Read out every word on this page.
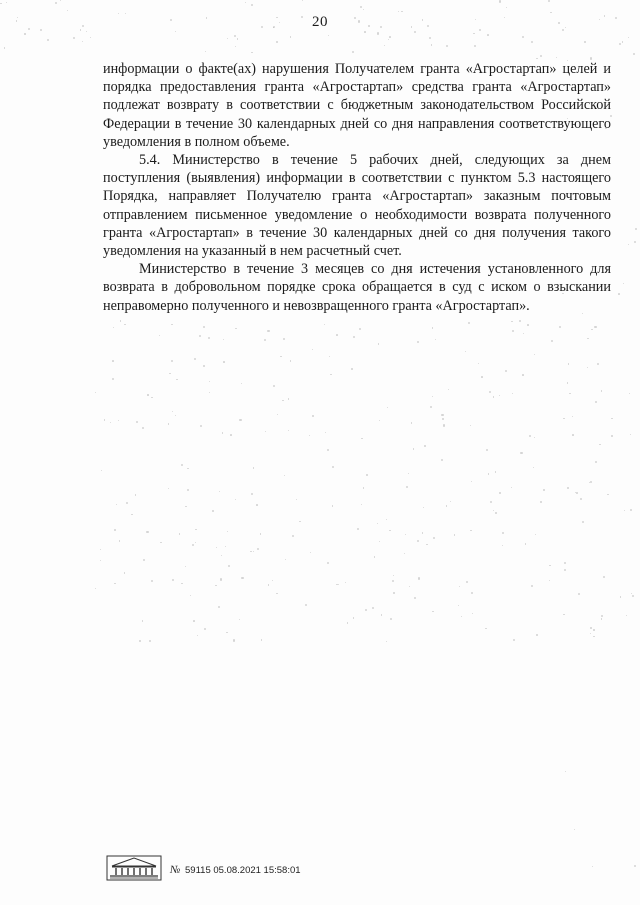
20

информации о факте(ах) нарушения Получателем гранта «Агростартап» целей и порядка предоставления гранта «Агростартап» средства гранта «Агростартап» подлежат возврату в соответствии с бюджетным законодательством Российской Федерации в течение 30 календарных дней со дня направления соответствующего уведомления в полном объеме.

5.4. Министерство в течение 5 рабочих дней, следующих за днем поступления (выявления) информации в соответствии с пунктом 5.3 настоящего Порядка, направляет Получателю гранта «Агростартап» заказным почтовым отправлением письменное уведомление о необходимости возврата полученного гранта «Агростартап» в течение 30 календарных дней со дня получения такого уведомления на указанный в нем расчетный счет.

Министерство в течение 3 месяцев со дня истечения установленного для возврата в добровольном порядке срока обращается в суд с иском о взыскании неправомерно полученного и невозвращенного гранта «Агростартап».

№ 59115 05.08.2021 15:58:01
